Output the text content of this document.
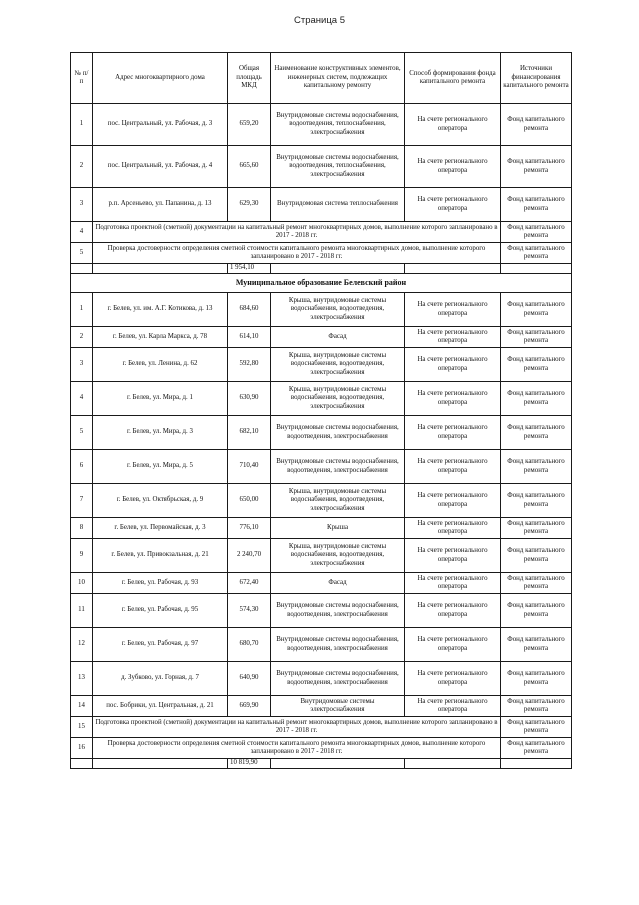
Страница 5
№ п/п	Адрес многоквартирного дома	Общая площадь МКД	Наименование конструктивных элементов, инженерных систем, подлежащих капитальному ремонту	Способ формирования фонда капитального ремонта	Источники финансирования капитального ремонта
1	пос. Центральный, ул. Рабочая, д. 3	659,20	Внутридомовые системы водоснабжения, водоотведения, теплоснабжения, электроснабжения	На счете регионального оператора	Фонд капитального ремонта
2	пос. Центральный, ул. Рабочая, д. 4	665,60	Внутридомовые системы водоснабжения, водоотведения, теплоснабжения, электроснабжения	На счете регионального оператора	Фонд капитального ремонта
3	р.п. Арсеньево, ул. Папанина, д. 13	629,30	Внутридомовая система теплоснабжения	На счете регионального оператора	Фонд капитального ремонта
4	Подготовка проектной (сметной) документации на капитальный ремонт многоквартирных домов, выполнение которого запланировано в 2017 - 2018 гг.				Фонд капитального ремонта
5	Проверка достоверности определения сметной стоимости капитального ремонта многоквартирных домов, выполнение которого запланировано в 2017 - 2018 гг.				Фонд капитального ремонта
		1 954,10			
Муниципальное образование Белевский район					
1	г. Белев, ул. им. А.Г. Котикова, д. 13	684,60	Крыша, внутридомовые системы водоснабжения, водоотведения, электроснабжения	На счете регионального оператора	Фонд капитального ремонта
2	г. Белев, ул. Карла Маркса, д. 78	614,10	Фасад	На счете регионального оператора	Фонд капитального ремонта
3	г. Белев, ул. Ленина, д. 62	592,80	Крыша, внутридомовые системы водоснабжения, водоотведения, электроснабжения	На счете регионального оператора	Фонд капитального ремонта
4	г. Белев, ул. Мира, д. 1	630,90	Крыша, внутридомовые системы водоснабжения, водоотведения, электроснабжения	На счете регионального оператора	Фонд капитального ремонта
5	г. Белев, ул. Мира, д. 3	682,10	Внутридомовые системы водоснабжения, водоотведения, электроснабжения	На счете регионального оператора	Фонд капитального ремонта
6	г. Белев, ул. Мира, д. 5	710,40	Внутридомовые системы водоснабжения, водоотведения, электроснабжения	На счете регионального оператора	Фонд капитального ремонта
7	г. Белев, ул. Октябрьская, д. 9	650,00	Крыша, внутридомовые системы водоснабжения, водоотведения, электроснабжения	На счете регионального оператора	Фонд капитального ремонта
8	г. Белев, ул. Первомайская, д. 3	776,10	Крыша	На счете регионального оператора	Фонд капитального ремонта
9	г. Белев, ул. Привокзальная, д. 21	2 240,70	Крыша, внутридомовые системы водоснабжения, водоотведения, электроснабжения	На счете регионального оператора	Фонд капитального ремонта
10	г. Белев, ул. Рабочая, д. 93	672,40	Фасад	На счете регионального оператора	Фонд капитального ремонта
11	г. Белев, ул. Рабочая, д. 95	574,30	Внутридомовые системы водоснабжения, водоотведения, электроснабжения	На счете регионального оператора	Фонд капитального ремонта
12	г. Белев, ул. Рабочая, д. 97	680,70	Внутридомовые системы водоснабжения, водоотведения, электроснабжения	На счете регионального оператора	Фонд капитального ремонта
13	д. Зубково, ул. Горная, д. 7	640,90	Внутридомовые системы водоснабжения, водоотведения, электроснабжения	На счете регионального оператора	Фонд капитального ремонта
14	пос. Бобрики, ул. Центральная, д. 21	669,90	Внутридомовые системы электроснабжения	На счете регионального оператора	Фонд капитального ремонта
15	Подготовка проектной (сметной) документации на капитальный ремонт многоквартирных домов, выполнение которого запланировано в 2017 - 2018 гг.				Фонд капитального ремонта
16	Проверка достоверности определения сметной стоимости капитального ремонта многоквартирных домов, выполнение которого запланировано в 2017 - 2018 гг.				Фонд капитального ремонта
		10 819,90			
